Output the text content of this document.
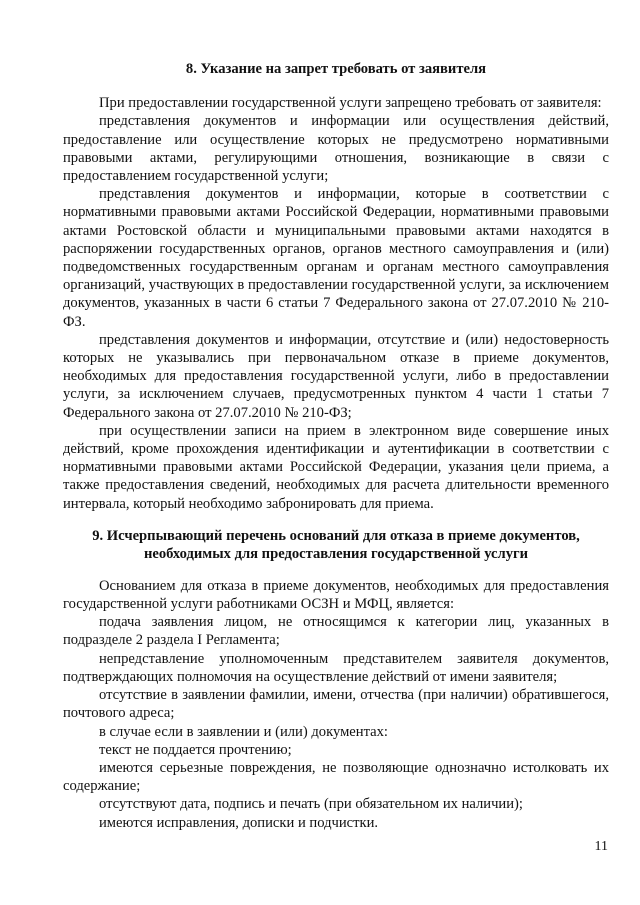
8. Указание на запрет требовать от заявителя

При предоставлении государственной услуги запрещено требовать от заявителя:

представления документов и информации или осуществления действий, предоставление или осуществление которых не предусмотрено нормативными правовыми актами, регулирующими отношения, возникающие в связи с предоставлением государственной услуги;

представления документов и информации, которые в соответствии с нормативными правовыми актами Российской Федерации, нормативными правовыми актами Ростовской области и муниципальными правовыми актами находятся в распоряжении государственных органов, органов местного самоуправления и (или) подведомственных государственным органам и органам местного самоуправления организаций, участвующих в предоставлении государственной услуги, за исключением документов, указанных в части 6 статьи 7 Федерального закона от 27.07.2010 № 210-ФЗ.

представления документов и информации, отсутствие и (или) недостоверность которых не указывались при первоначальном отказе в приеме документов, необходимых для предоставления государственной услуги, либо в предоставлении услуги, за исключением случаев, предусмотренных пунктом 4 части 1 статьи 7 Федерального закона от 27.07.2010 № 210-ФЗ;

при осуществлении записи на прием в электронном виде совершение иных действий, кроме прохождения идентификации и аутентификации в соответствии с нормативными правовыми актами Российской Федерации, указания цели приема, а также предоставления сведений, необходимых для расчета длительности временного интервала, который необходимо забронировать для приема.

9. Исчерпывающий перечень оснований для отказа в приеме документов, необходимых для предоставления государственной услуги

Основанием для отказа в приеме документов, необходимых для предоставления государственной услуги работниками ОСЗН и МФЦ, является:

подача заявления лицом, не относящимся к категории лиц, указанных в подразделе 2 раздела I Регламента;

непредставление уполномоченным представителем заявителя документов, подтверждающих полномочия на осуществление действий от имени заявителя;

отсутствие в заявлении фамилии, имени, отчества (при наличии) обратившегося, почтового адреса;

в случае если в заявлении и (или) документах:

текст не поддается прочтению;

имеются серьезные повреждения, не позволяющие однозначно истолковать их содержание;

отсутствуют дата, подпись и печать (при обязательном их наличии);

имеются исправления, дописки и подчистки.

11
